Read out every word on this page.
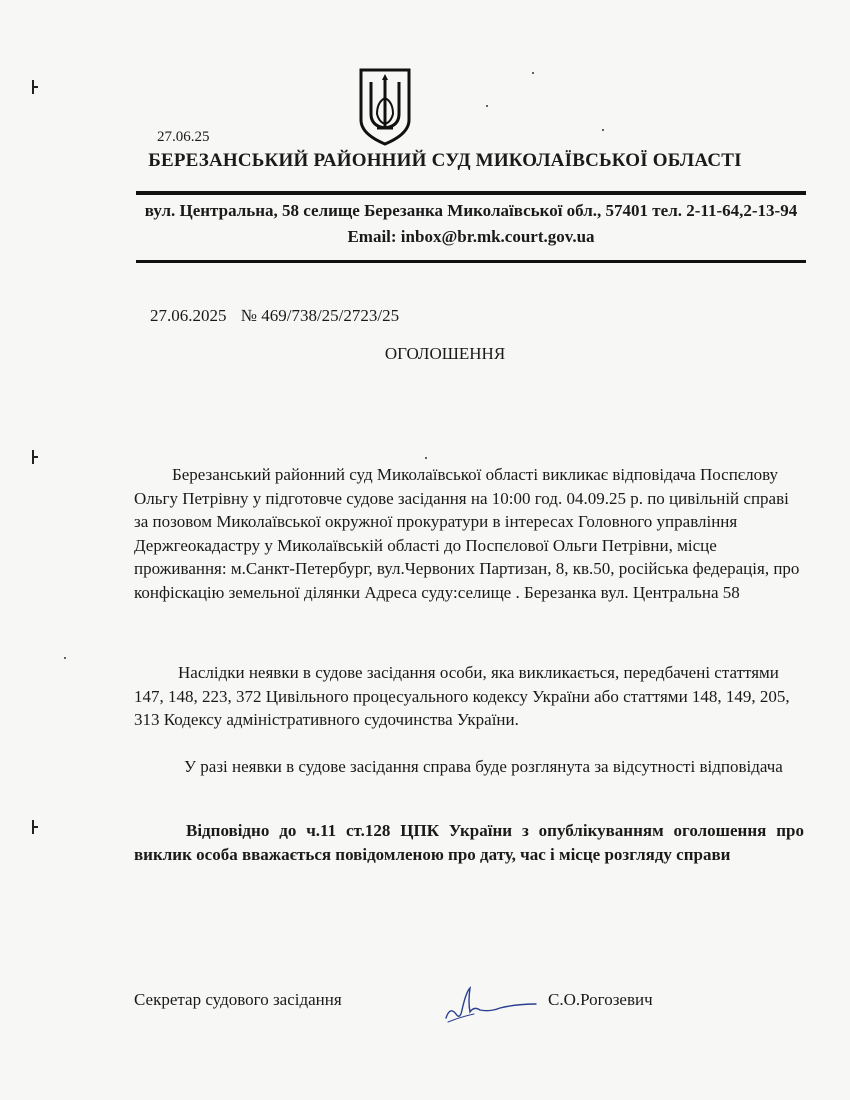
27.06.25
БЕРЕЗАНСЬКИЙ РАЙОННИЙ СУД МИКОЛАЇВСЬКОЇ ОБЛАСТІ
вул. Центральна, 58 селище Березанка Миколаївської обл., 57401 тел. 2-11-64,2-13-94 Email: inbox@br.mk.court.gov.ua
27.06.2025 № 469/738/25/2723/25
ОГОЛОШЕННЯ
Березанський районний суд Миколаївської області викликає відповідача Поспєлову Ольгу Петрівну у підготовче судове засідання на 10:00 год. 04.09.25 р. по цивільній справі за позовом Миколаївської окружної прокуратури в інтересах Головного управління Держгеокадастру у Миколаївській області до Поспєлової Ольги Петрівни, місце проживання: м.Санкт-Петербург, вул.Червоних Партизан, 8, кв.50, російська федерація, про конфіскацію земельної ділянки Адреса суду:селище . Березанка вул. Центральна 58
Наслідки неявки в судове засідання особи, яка викликається, передбачені статтями 147, 148, 223, 372 Цивільного процесуального кодексу України або статтями 148, 149, 205, 313 Кодексу адміністративного судочинства України.
У разі неявки в судове засідання справа буде розглянута за відсутності відповідача
Відповідно до ч.11 ст.128 ЦПК України з опублікуванням оголошення про виклик особа вважається повідомленою про дату, час і місце розгляду справи
Секретар судового засідання	С.О.Рогозевич
